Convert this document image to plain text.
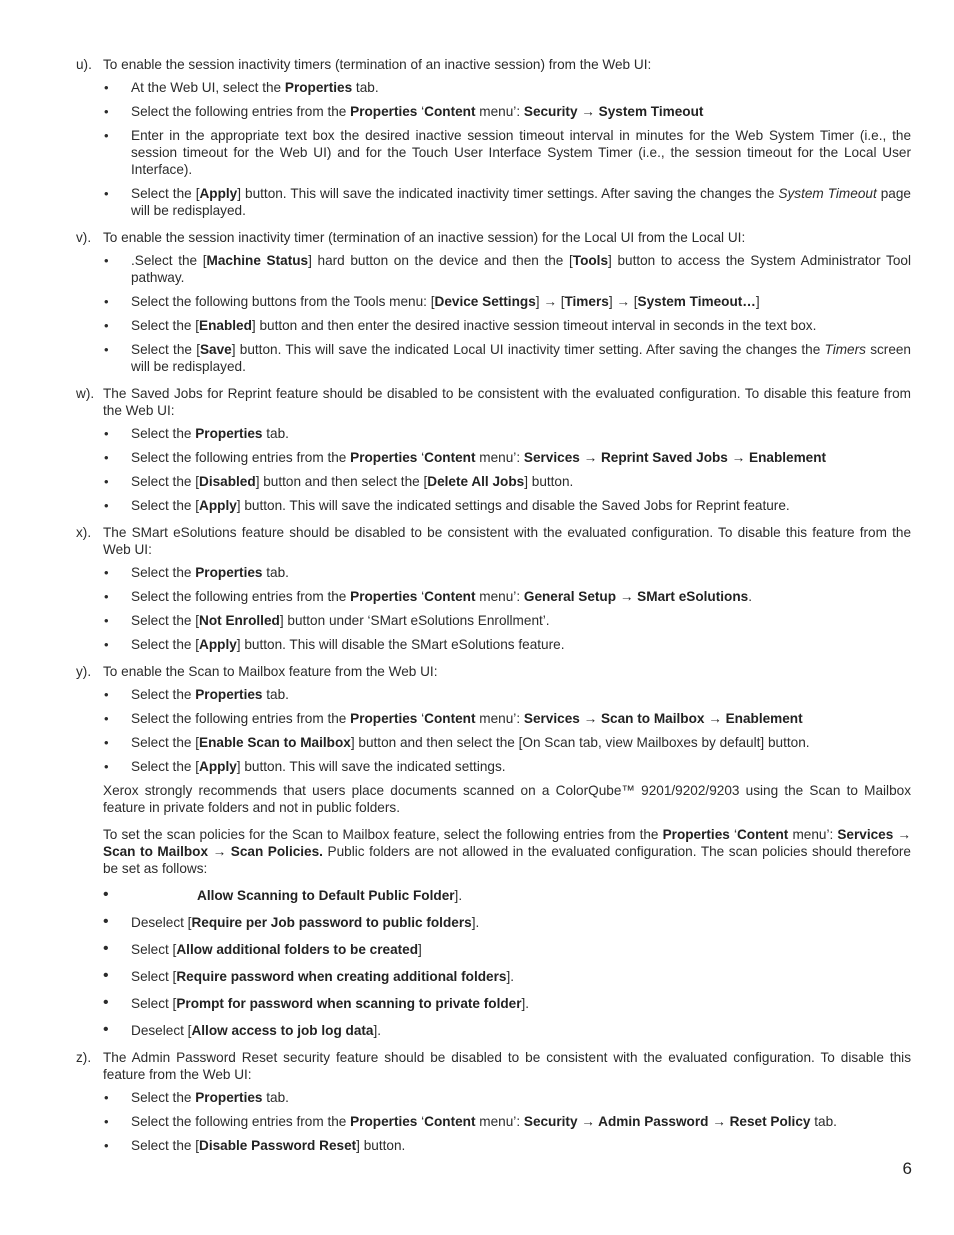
u). To enable the session inactivity timers (termination of an inactive session) from the Web UI:
• At the Web UI, select the Properties tab.
• Select the following entries from the Properties ‘Content menu’: Security → System Timeout
• Enter in the appropriate text box the desired inactive session timeout interval in minutes for the Web System Timer (i.e., the session timeout for the Web UI) and for the Touch User Interface System Timer (i.e., the session timeout for the Local User Interface).
• Select the [Apply] button. This will save the indicated inactivity timer settings. After saving the changes the System Timeout page will be redisplayed.
v). To enable the session inactivity timer (termination of an inactive session) for the Local UI from the Local UI:
• .Select the [Machine Status] hard button on the device and then the [Tools] button to access the System Administrator Tool pathway.
• Select the following buttons from the Tools menu: [Device Settings] → [Timers] → [System Timeout…]
• Select the [Enabled] button and then enter the desired inactive session timeout interval in seconds in the text box.
• Select the [Save] button. This will save the indicated Local UI inactivity timer setting. After saving the changes the Timers screen will be redisplayed.
w). The Saved Jobs for Reprint feature should be disabled to be consistent with the evaluated configuration. To disable this feature from the Web UI:
• Select the Properties tab.
• Select the following entries from the Properties ‘Content menu’: Services → Reprint Saved Jobs → Enablement
• Select the [Disabled] button and then select the [Delete All Jobs] button.
• Select the [Apply] button. This will save the indicated settings and disable the Saved Jobs for Reprint feature.
x). The SMart eSolutions feature should be disabled to be consistent with the evaluated configuration. To disable this feature from the Web UI:
• Select the Properties tab.
• Select the following entries from the Properties ‘Content menu’: General Setup → SMart eSolutions.
• Select the [Not Enrolled] button under ‘SMart eSolutions Enrollment’.
• Select the [Apply] button. This will disable the SMart eSolutions feature.
y). To enable the Scan to Mailbox feature from the Web UI:
• Select the Properties tab.
• Select the following entries from the Properties ‘Content menu’: Services → Scan to Mailbox → Enablement
• Select the [Enable Scan to Mailbox] button and then select the [On Scan tab, view Mailboxes by default] button.
• Select the [Apply] button. This will save the indicated settings.
Xerox strongly recommends that users place documents scanned on a ColorQube™ 9201/9202/9203 using the Scan to Mailbox feature in private folders and not in public folders.
To set the scan policies for the Scan to Mailbox feature, select the following entries from the Properties ‘Content menu’: Services → Scan to Mailbox → Scan Policies. Public folders are not allowed in the evaluated configuration. The scan policies should therefore be set as follows:
•	Allow Scanning to Default Public Folder].
• Deselect [Require per Job password to public folders].
• Select [Allow additional folders to be created]
• Select [Require password when creating additional folders].
• Select [Prompt for password when scanning to private folder].
• Deselect [Allow access to job log data].
z). The Admin Password Reset security feature should be disabled to be consistent with the evaluated configuration. To disable this feature from the Web UI:
• Select the Properties tab.
• Select the following entries from the Properties ‘Content menu’: Security → Admin Password → Reset Policy tab.
• Select the [Disable Password Reset] button.
6
